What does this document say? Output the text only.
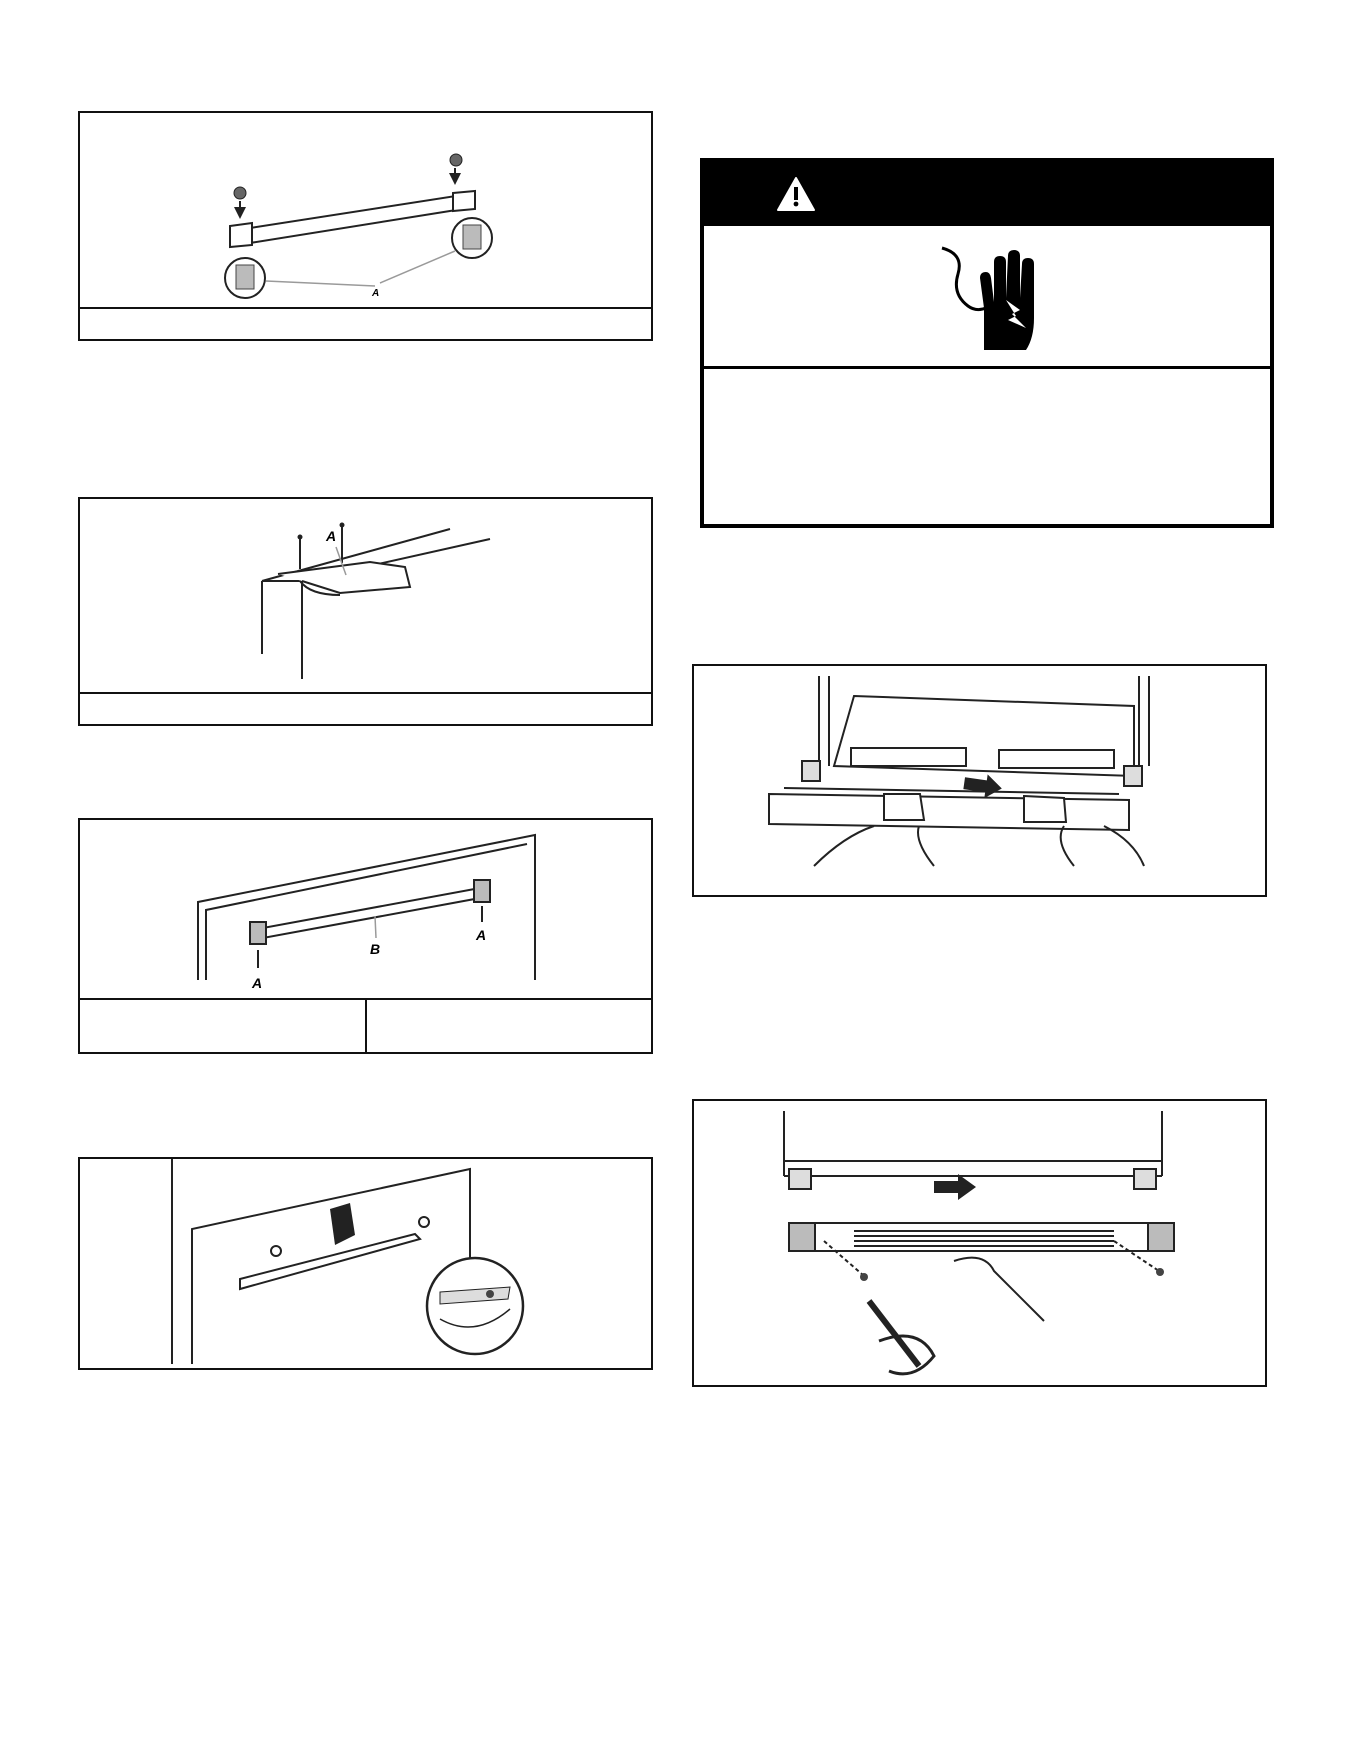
A
A
A
A
B
